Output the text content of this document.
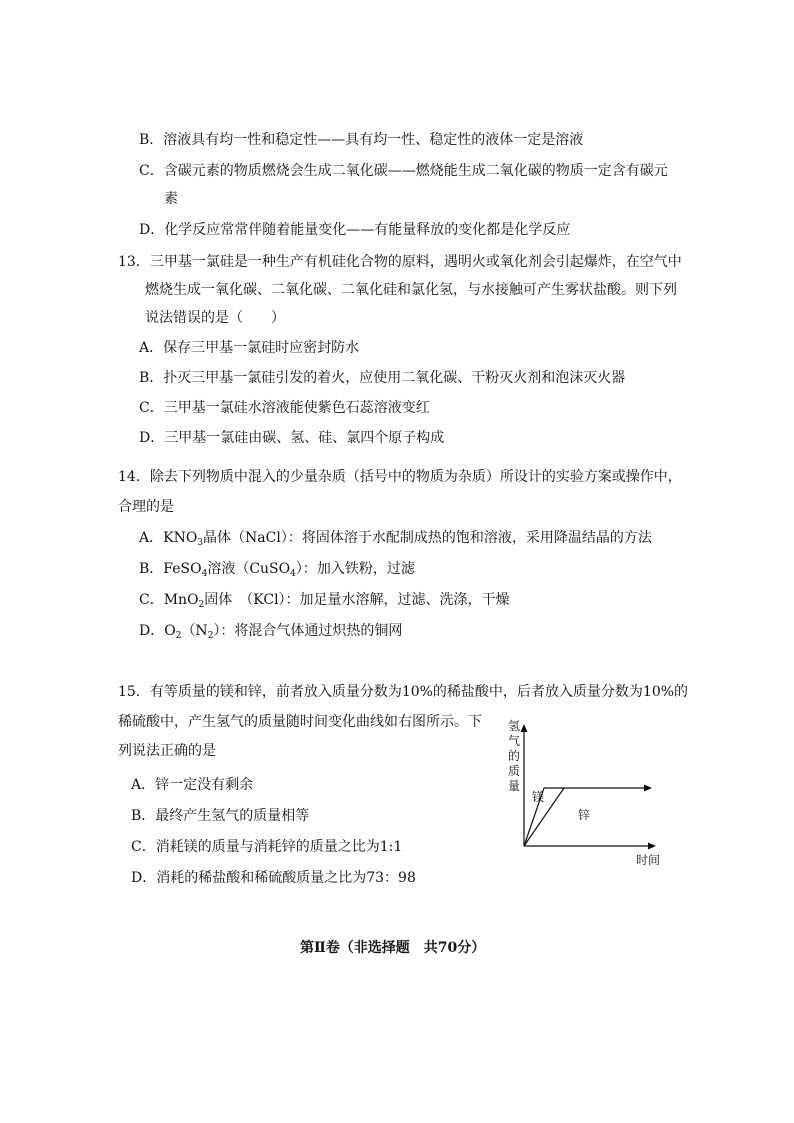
B．溶液具有均一性和稳定性——具有均一性、稳定性的液体一定是溶液
C．含碳元素的物质燃烧会生成二氧化碳——燃烧能生成二氧化碳的物质一定含有碳元
素
D．化学反应常常伴随着能量变化——有能量释放的变化都是化学反应
13．三甲基一氯硅是一种生产有机硅化合物的原料，遇明火或氧化剂会引起爆炸，在空气中
燃烧生成一氧化碳、二氧化碳、二氧化硅和氯化氢，与水接触可产生雾状盐酸。则下列
说法错误的是（　　）
A．保存三甲基一氯硅时应密封防水
B．扑灭三甲基一氯硅引发的着火，应使用二氧化碳、干粉灭火剂和泡沫灭火器
C．三甲基一氯硅水溶液能使紫色石蕊溶液变红
D．三甲基一氯硅由碳、氢、硅、氯四个原子构成
14．除去下列物质中混入的少量杂质（括号中的物质为杂质）所设计的实验方案或操作中，
合理的是
A．$KNO_3$晶体（NaCl）：将固体溶于水配制成热的饱和溶液，采用降温结晶的方法
B．FeSO$_4$溶液（CuSO$_4$）：加入铁粉，过滤
C．MnO$_2$固体　（KCl）：加足量水溶解，过滤、洗涤，干燥
D．$O_2(N_2)$：将混合气体通过炽热的铜网
15．有等质量的镁和锌，前者放入质量分数为10%的稀盐酸中，后者放入质量分数为10%的
稀硫酸中，产生氢气的质量随时间变化曲线如右图所示。下
列说法正确的是
A．锌一定没有剩余
B．最终产生氢气的质量相等
C．消耗镁的质量与消耗锌的质量之比为1:1
D．消耗的稀盐酸和稀硫酸质量之比为73：98
氢
气
的
质
量
镁
锌
时间
第Ⅱ卷（非选择题　共70分）
